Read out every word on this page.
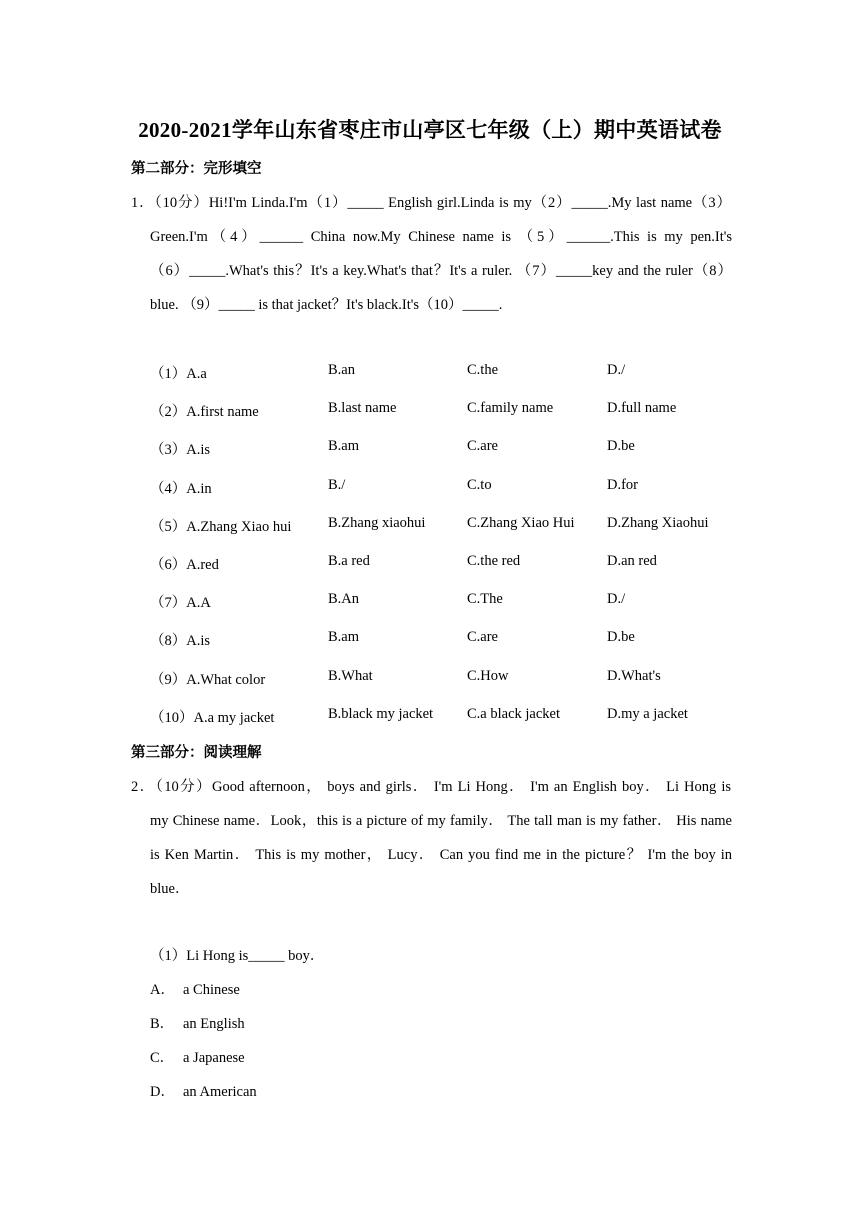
2020-2021学年山东省枣庄市山亭区七年级（上）期中英语试卷
第二部分：完形填空
1．（10分）Hi!I'm Linda.I'm（1）_____ English girl.Linda is my（2）_____.My last name（3）
Green.I'm（4）______ China now.My Chinese name is （5）______.This is my pen.It's
（6）_____.What's this？It's a key.What's that？It's a ruler. （7）_____key and the ruler（8）
blue. （9）_____ is that jacket？It's black.It's（10）_____.
（1）A.a	B.an	C.the	D./
（2）A.first name	B.last name	C.family name	D.full name
（3）A.is	B.am	C.are	D.be
（4）A.in	B./	C.to	D.for
（5）A.Zhang Xiao hui	B.Zhang xiaohui	C.Zhang Xiao Hui D.Zhang Xiaohui
（6）A.red	B.a red	C.the red	D.an red
（7）A.A	B.An	C.The	D./
（8）A.is	B.am	C.are	D.be
（9）A.What color	B.What	C.How	D.What's
（10）A.a my jacket	B.black my jacket C.a black jacket	D.my a jacket
第三部分：阅读理解
2．（10分）Good afternoon， boys and girls． I'm Li Hong． I'm an English boy． Li Hong is
my Chinese name．Look，this is a picture of my family． The tall man is my father． His name
is Ken Martin． This is my mother， Lucy． Can you find me in the picture？ I'm the boy in
blue．
（1）Li Hong is_____ boy．
A． a Chinese
B． an English
C． a Japanese
D． an American
